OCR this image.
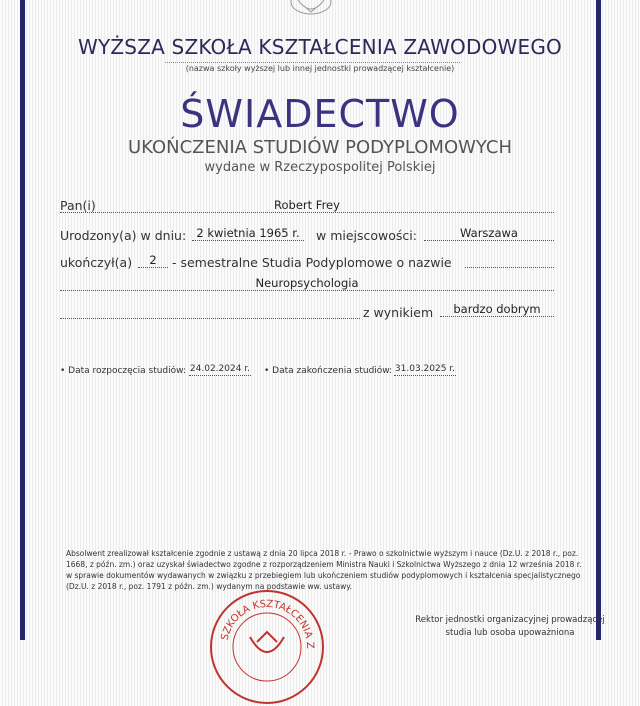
WYŻSZA SZKOŁA KSZTAŁCENIA ZAWODOWEGO
(nazwa szkoły wyższej lub innej jednostki prowadzącej kształcenie)
ŚWIADECTWO
UKOŃCZENIA STUDIÓW PODYPLOMOWYCH
wydane w Rzeczypospolitej Polskiej
Pan(i)	Robert Frey
Urodzony(a) w dniu: 2 kwietnia 1965 r.	w miejscowości:	Warszawa
ukończył(a)	2	- semestralne Studia Podyplomowe o nazwie
Neuropsychologia
z wynikiem	bardzo dobrym
• Data rozpoczęcia studiów: 24.02.2024 r. • Data zakończenia studiów: 31.03.2025 r.
Absolwent zrealizował kształcenie zgodnie z ustawą z dnia 20 lipca 2018 r. - Prawo o szkolnictwie wyższym i nauce (Dz.U. z 2018 r., poz. 1668, z późn. zm.) oraz uzyskał świadectwo zgodne z rozporządzeniem Ministra Nauki i Szkolnictwa Wyższego z dnia 12 września 2018 r. w sprawie dokumentów wydawanych w związku z przebiegiem lub ukończeniem studiów podyplomowych i kształcenia specjalistycznego (Dz.U. z 2018 r., poz. 1791 z późn. zm.) wydanym na podstawie ww. ustawy.
SZKOŁA KSZTAŁCENIA Z
Rektor jednostki organizacyjnej prowadzącej
studia lub osoba upoważniona
